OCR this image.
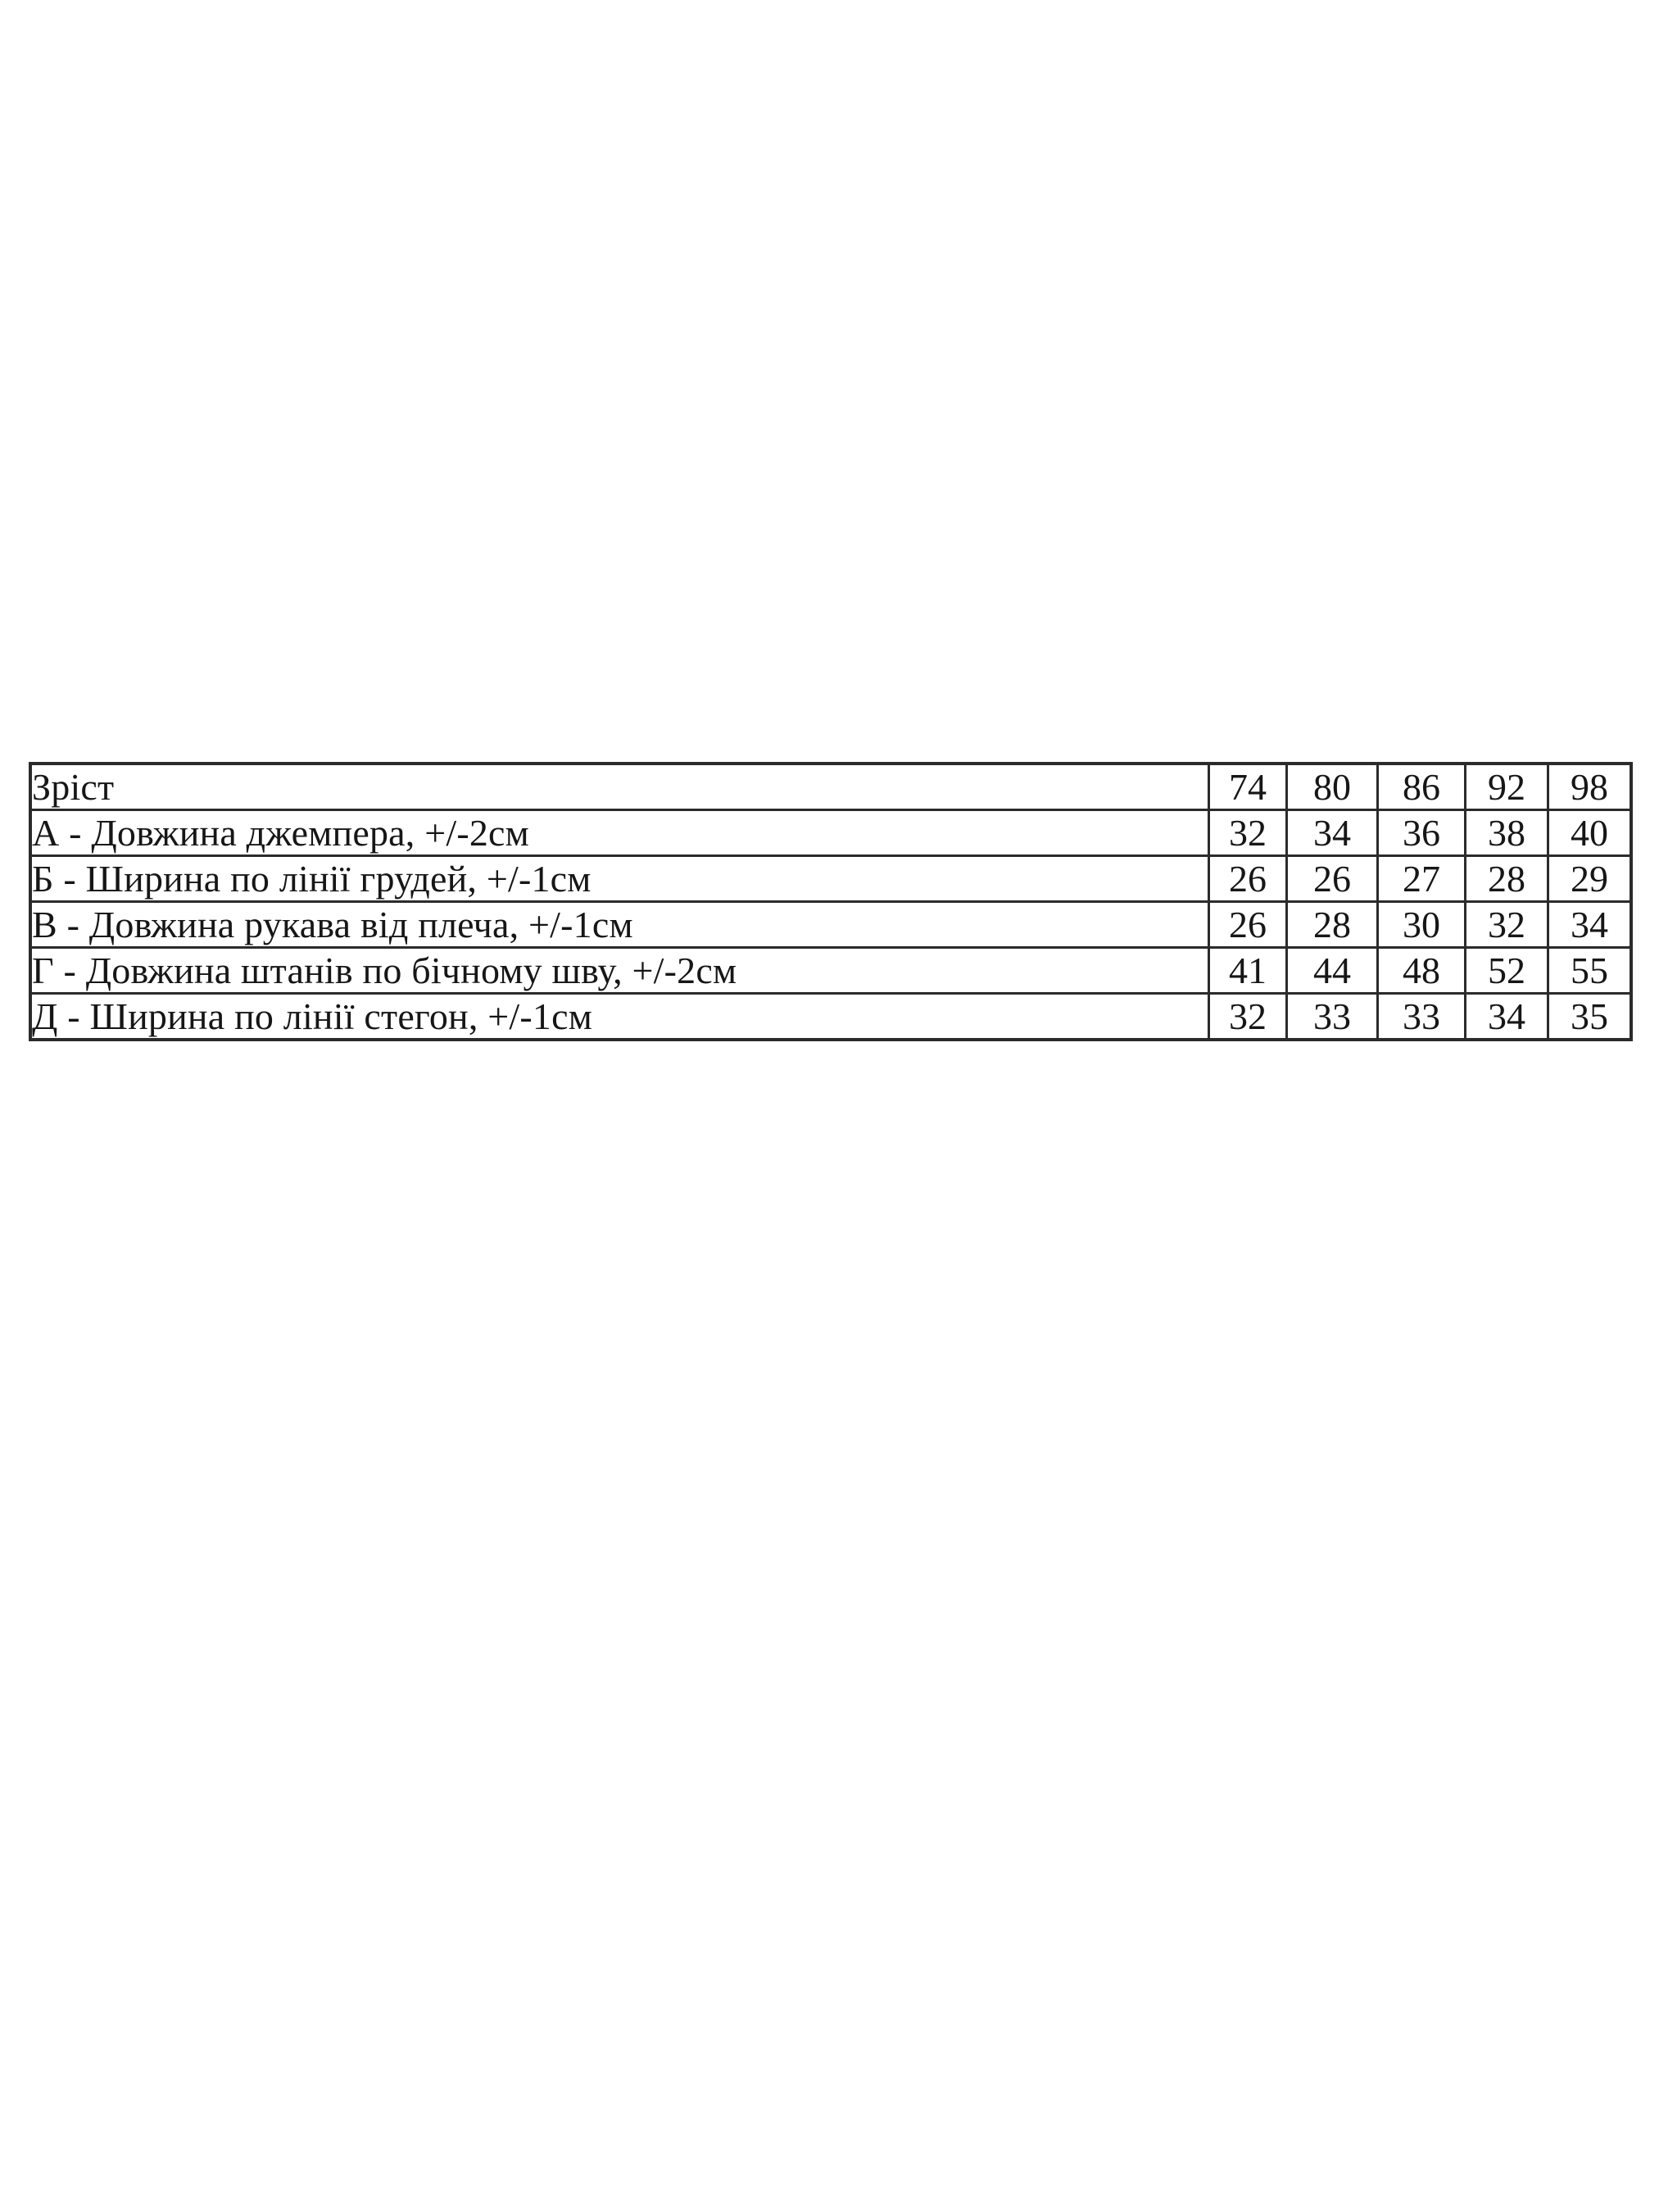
Зріст	74	80	86	92	98
А - Довжина джемпера, +/-2см	32	34	36	38	40
Б - Ширина по лінії грудей, +/-1см	26	26	27	28	29
В - Довжина рукава від плеча, +/-1см	26	28	30	32	34
Г - Довжина штанів по бічному шву, +/-2см	41	44	48	52	55
Д - Ширина по лінії стегон, +/-1см	32	33	33	34	35
